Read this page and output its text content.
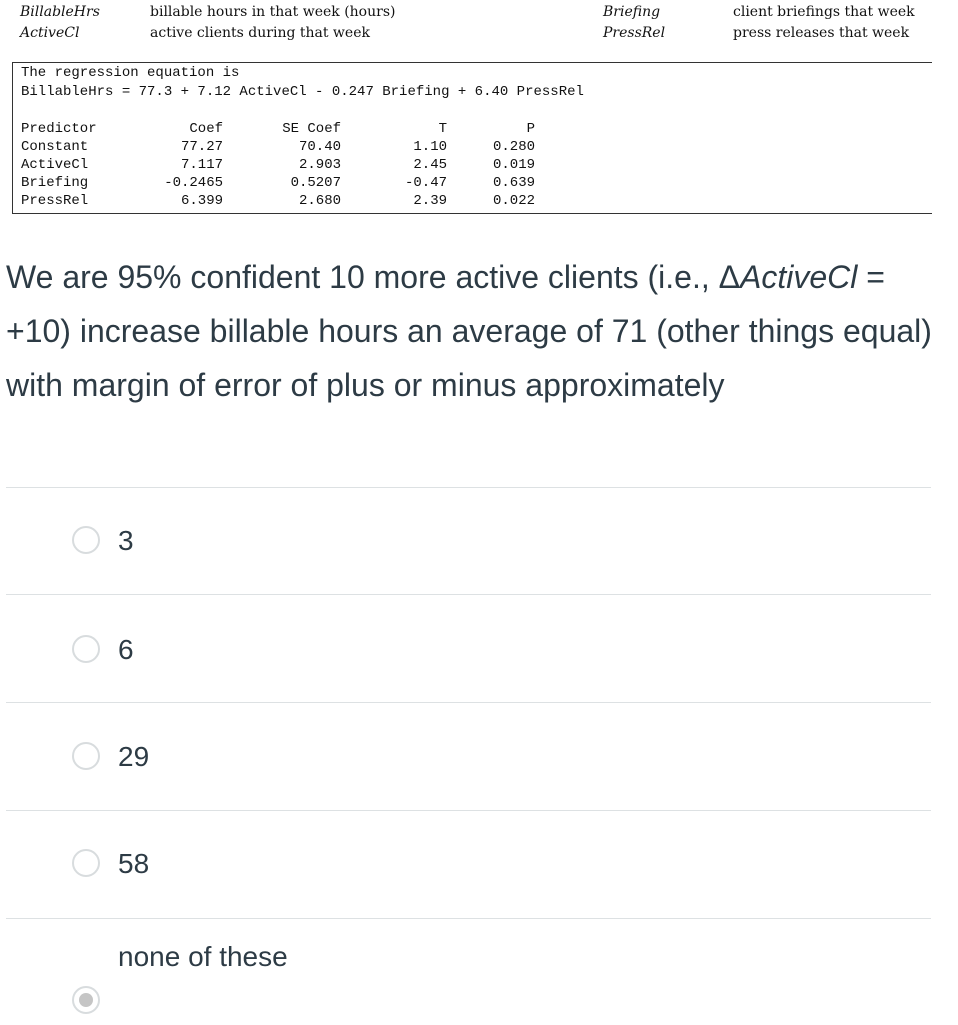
BillableHrs	billable hours in that week (hours)
ActiveCl	active clients during that week
Briefing	client briefings that week
PressRel	press releases that week
The regression equation is
BillableHrs = 77.3 + 7.12 ActiveCl - 0.247 Briefing + 6.40 PressRel
Predictor	Coef	SE Coef	T	P
Constant	77.27	70.40	1.10	0.280
ActiveCl	7.117	2.903	2.45	0.019
Briefing	-0.2465	0.5207	-0.47	0.639
PressRel	6.399	2.680	2.39	0.022
We are 95% confident 10 more active clients (i.e., ΔActiveCl = +10) increase billable hours an average of 71 (other things equal) with margin of error of plus or minus approximately
3
6
29
58
none of these
